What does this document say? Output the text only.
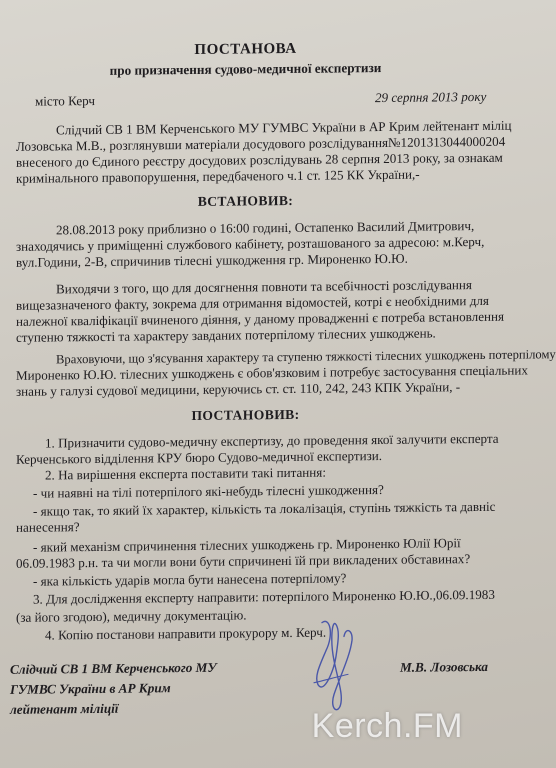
ПОСТАНОВА
про призначення судово-медичної експертизи
місто Керч	29 серпня 2013 року
Слідчий СВ 1 ВМ Керченського МУ ГУМВС України в АР Крим лейтенант міліц
Лозовська М.В., розглянувши матеріали досудового розслідування№1201313044000204
внесеного до Єдиного реєстру досудових розслідувань 28 серпня 2013 року, за ознакам
кримінального правопорушення, передбаченого ч.1 ст. 125 КК України,-
ВСТАНОВИВ:
28.08.2013 року приблизно о 16:00 годині, Остапенко Василий Дмитрович,
знаходячись у приміщенні службового кабінету, розташованого за адресою: м.Керч,
вул.Години, 2-В, спричинив тілесні ушкодження гр. Мироненко Ю.Ю.
Виходячи з того, що для досягнення повноти та всебічності розслідування
вищезазначеного факту, зокрема для отримання відомостей, котрі є необхідними для
належної кваліфікації вчиненого діяння, у даному провадженні є потреба встановлення
ступеню тяжкості та характеру завданих потерпілому тілесних ушкоджень.
Враховуючи, що з'ясування характеру та ступеню тяжкості тілесних ушкоджень потерпілому
Мироненко Ю.Ю. тілесних ушкоджень є обов'язковим і потребує застосування спеціальних
знань у галузі судової медицини, керуючись ст. ст. 110, 242, 243 КПК України, -
ПОСТАНОВИВ:
1. Призначити судово-медичну експертизу, до проведення якої залучити експерта
Керченського відділення КРУ бюро Судово-медичної експертизи.
2. На вирішення експерта поставити такі питання:
- чи наявні на тілі потерпілого які-небудь тілесні ушкодження?
- якщо так, то який їх характер, кількість та локалізація, ступінь тяжкість та давніс
нанесення?
- який механізм спричинення тілесних ушкоджень гр. Мироненко Юлії Юрії
06.09.1983 р.н. та чи могли вони бути спричинені їй при викладених обставинах?
- яка кількість ударів могла бути нанесена потерпілому?
3. Для дослідження експерту направити: потерпілого Мироненко Ю.Ю.,06.09.1983
(за його згодою), медичну документацію.
4. Копію постанови направити прокурору м. Керч.
Слідчий СВ 1 ВМ Керченського МУ
ГУМВС України в АР Крим
лейтенант міліції
М.В. Лозовська
Kerch.FM
